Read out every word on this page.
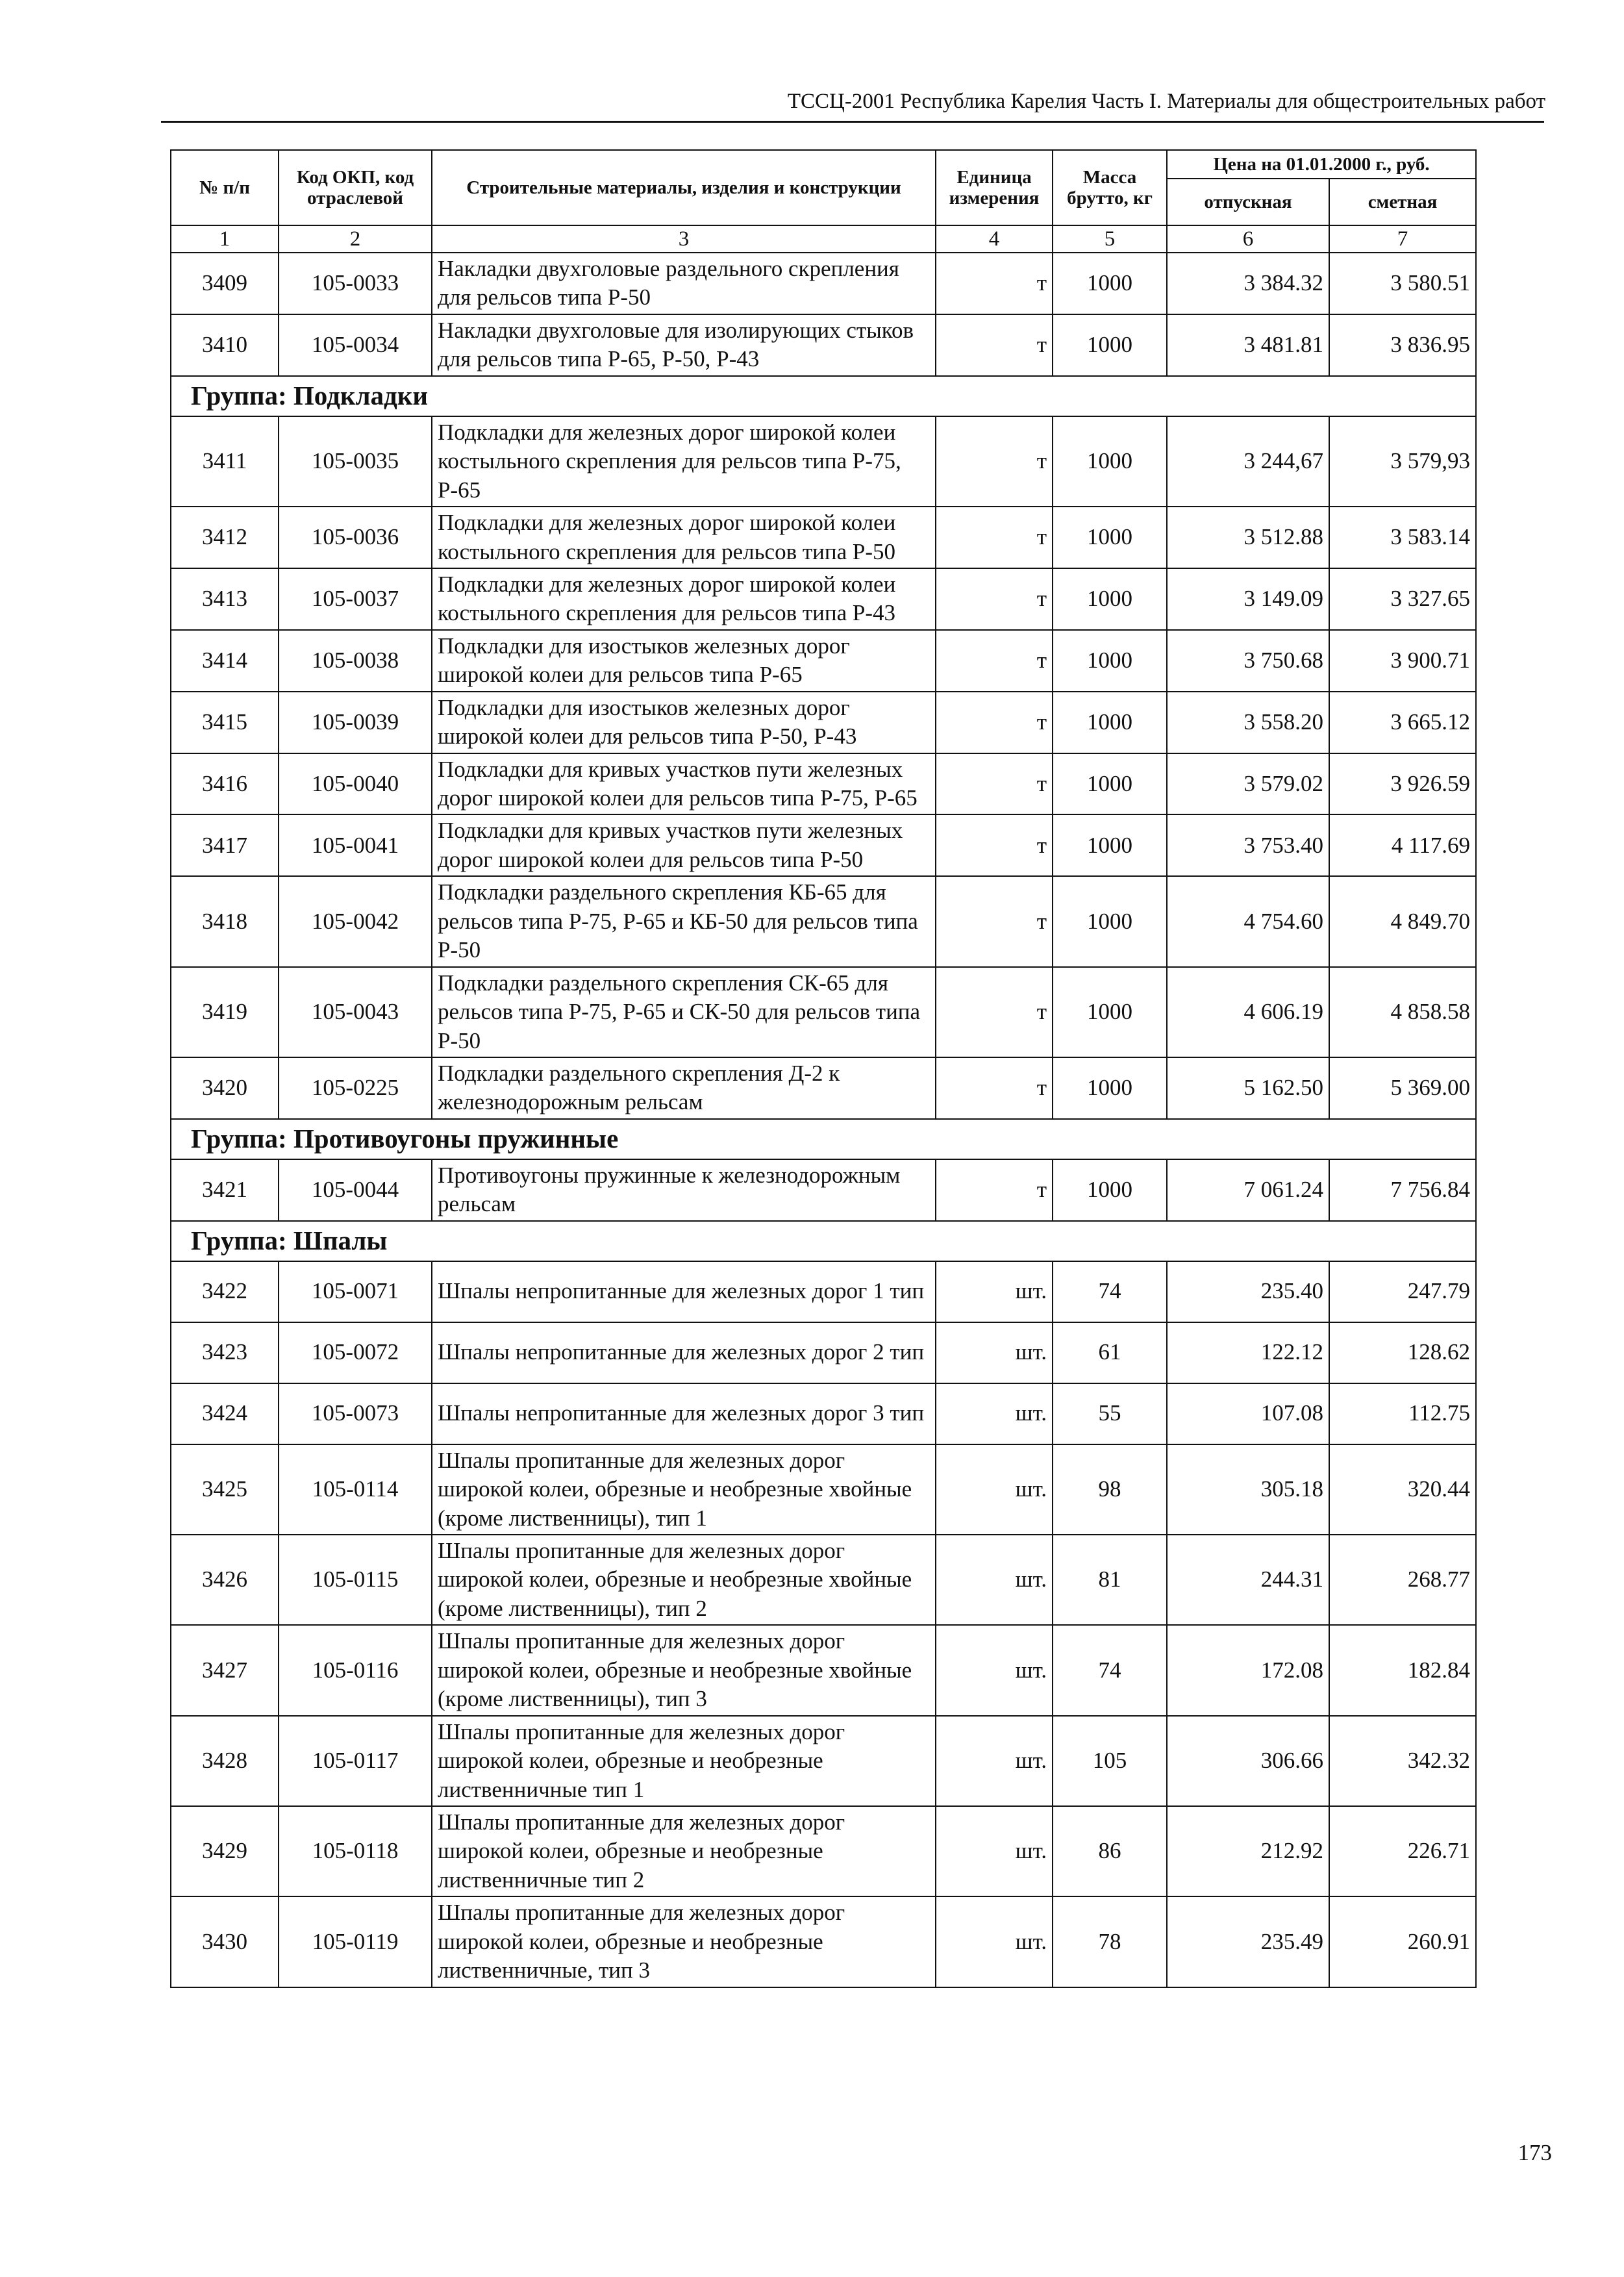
ТССЦ-2001 Республика Карелия Часть I. Материалы для общестроительных работ
№ п/п	Код ОКП, код отраслевой	Строительные материалы, изделия и конструкции	Единица измерения	Масса брутто, кг	Цена на 01.01.2000 г., руб.	
					отпускная	сметная
1	2	3	4	5	6	7
3409	105-0033	Накладки двухголовые раздельного скрепления для рельсов типа Р-50	т	1000	3 384.32	3 580.51
3410	105-0034	Накладки двухголовые для изолирующих стыков для рельсов типа Р-65, Р-50, Р-43	т	1000	3 481.81	3 836.95
Группа: Подкладки						
3411	105-0035	Подкладки для железных дорог широкой колеи костыльного скрепления для рельсов типа Р-75, Р-65	т	1000	3 244,67	3 579,93
3412	105-0036	Подкладки для железных дорог широкой колеи костыльного скрепления для рельсов типа Р-50	т	1000	3 512.88	3 583.14
3413	105-0037	Подкладки для железных дорог широкой колеи костыльного скрепления для рельсов типа Р-43	т	1000	3 149.09	3 327.65
3414	105-0038	Подкладки для изостыков железных дорог широкой колеи для рельсов типа Р-65	т	1000	3 750.68	3 900.71
3415	105-0039	Подкладки для изостыков железных дорог широкой колеи для рельсов типа Р-50, Р-43	т	1000	3 558.20	3 665.12
3416	105-0040	Подкладки для кривых участков пути железных дорог широкой колеи для рельсов типа Р-75, Р-65	т	1000	3 579.02	3 926.59
3417	105-0041	Подкладки для кривых участков пути железных дорог широкой колеи для рельсов типа Р-50	т	1000	3 753.40	4 117.69
3418	105-0042	Подкладки раздельного скрепления КБ-65 для рельсов типа Р-75, Р-65 и КБ-50 для рельсов типа Р-50	т	1000	4 754.60	4 849.70
3419	105-0043	Подкладки раздельного скрепления СК-65 для рельсов типа Р-75, Р-65 и СК-50 для рельсов типа Р-50	т	1000	4 606.19	4 858.58
3420	105-0225	Подкладки раздельного скрепления Д-2 к железнодорожным рельсам	т	1000	5 162.50	5 369.00
Группа: Противоугоны пружинные						
3421	105-0044	Противоугоны пружинные к железнодорожным рельсам	т	1000	7 061.24	7 756.84
Группа: Шпалы						
3422	105-0071	Шпалы непропитанные для железных дорог 1 тип	шт.	74	235.40	247.79
3423	105-0072	Шпалы непропитанные для железных дорог 2 тип	шт.	61	122.12	128.62
3424	105-0073	Шпалы непропитанные для железных дорог 3 тип	шт.	55	107.08	112.75
3425	105-0114	Шпалы пропитанные для железных дорог широкой колеи, обрезные и необрезные хвойные (кроме лиственницы), тип 1	шт.	98	305.18	320.44
3426	105-0115	Шпалы пропитанные для железных дорог широкой колеи, обрезные и необрезные хвойные (кроме лиственницы), тип 2	шт.	81	244.31	268.77
3427	105-0116	Шпалы пропитанные для железных дорог широкой колеи, обрезные и необрезные хвойные (кроме лиственницы), тип 3	шт.	74	172.08	182.84
3428	105-0117	Шпалы пропитанные для железных дорог широкой колеи, обрезные и необрезные лиственничные тип 1	шт.	105	306.66	342.32
3429	105-0118	Шпалы пропитанные для железных дорог широкой колеи, обрезные и необрезные лиственничные тип 2	шт.	86	212.92	226.71
3430	105-0119	Шпалы пропитанные для железных дорог широкой колеи, обрезные и необрезные лиственничные, тип 3	шт.	78	235.49	260.91
173
